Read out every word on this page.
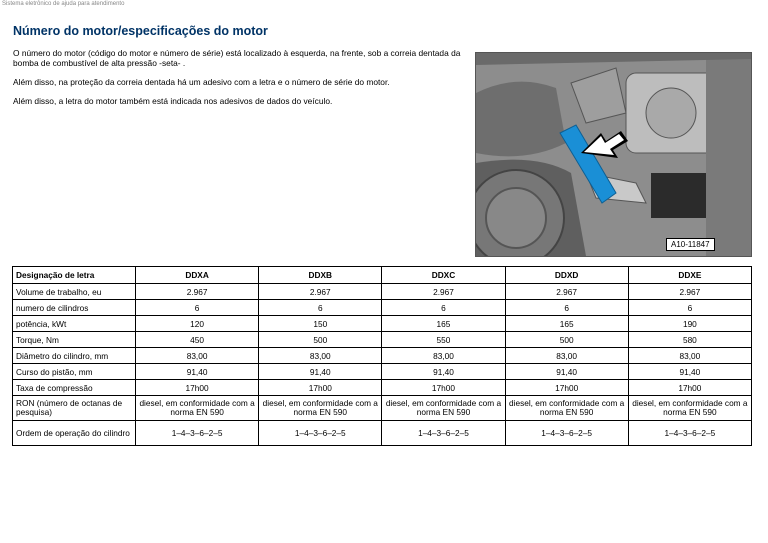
Sistema eletrônico de ajuda para atendimento
Número do motor/especificações do motor

O número do motor (código do motor e número de série) está localizado à esquerda, na frente, sob a correia dentada da bomba de combustível de alta pressão -seta- .

Além disso, na proteção da correia dentada há um adesivo com a letra e o número de série do motor.

Além disso, a letra do motor também está indicada nos adesivos de dados do veículo.

A10-11847
Designação de letra	DDXA	DDXB	DDXC	DDXD	DDXE
Volume de trabalho, eu	2.967	2.967	2.967	2.967	2.967
numero de cilindros	6	6	6	6	6
potência, kWt	120	150	165	165	190
Torque, Nm	450	500	550	500	580
Diâmetro do cilindro, mm	83,00	83,00	83,00	83,00	83,00
Curso do pistão, mm	91,40	91,40	91,40	91,40	91,40
Taxa de compressão	17h00	17h00	17h00	17h00	17h00
RON (número de octanas de pesquisa)	diesel, em conformidade com a norma EN 590	diesel, em conformidade com a norma EN 590	diesel, em conformidade com a norma EN 590	diesel, em conformidade com a norma EN 590	diesel, em conformidade com a norma EN 590
Ordem de operação do cilindro	1–4–3–6–2–5	1–4–3–6–2–5	1–4–3–6–2–5	1–4–3–6–2–5	1–4–3–6–2–5
